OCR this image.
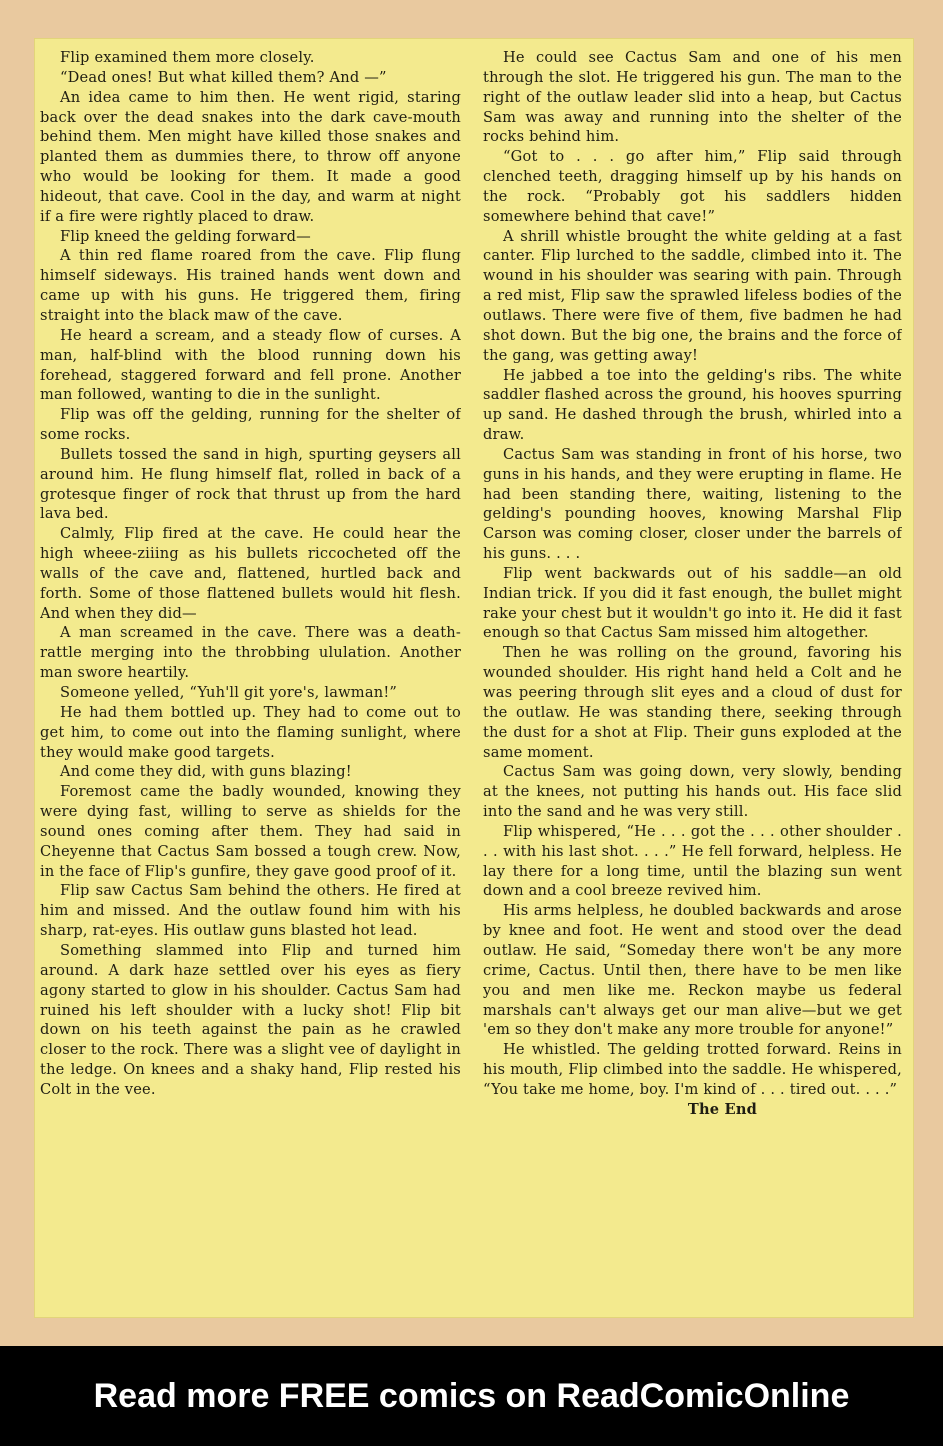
Flip examined them more closely.

“Dead ones! But what killed them? And —”

An idea came to him then. He went rigid, staring back over the dead snakes into the dark cave-mouth behind them. Men might have killed those snakes and planted them as dummies there, to throw off anyone who would be looking for them. It made a good hideout, that cave. Cool in the day, and warm at night if a fire were rightly placed to draw.

Flip kneed the gelding forward—

A thin red flame roared from the cave. Flip flung himself sideways. His trained hands went down and came up with his guns. He triggered them, firing straight into the black maw of the cave.

He heard a scream, and a steady flow of curses. A man, half-blind with the blood running down his forehead, staggered forward and fell prone. Another man followed, wanting to die in the sunlight.

Flip was off the gelding, running for the shelter of some rocks.

Bullets tossed the sand in high, spurting geysers all around him. He flung himself flat, rolled in back of a grotesque finger of rock that thrust up from the hard lava bed.

Calmly, Flip fired at the cave. He could hear the high wheee-ziiing as his bullets riccocheted off the walls of the cave and, flattened, hurtled back and forth. Some of those flattened bullets would hit flesh. And when they did—

A man screamed in the cave. There was a death-rattle merging into the throbbing ululation. Another man swore heartily.

Someone yelled, “Yuh'll git yore's, lawman!”

He had them bottled up. They had to come out to get him, to come out into the flaming sunlight, where they would make good targets.

And come they did, with guns blazing!

Foremost came the badly wounded, knowing they were dying fast, willing to serve as shields for the sound ones coming after them. They had said in Cheyenne that Cactus Sam bossed a tough crew. Now, in the face of Flip's gunfire, they gave good proof of it.

Flip saw Cactus Sam behind the others. He fired at him and missed. And the outlaw found him with his sharp, rat-eyes. His outlaw guns blasted hot lead.

Something slammed into Flip and turned him around. A dark haze settled over his eyes as fiery agony started to glow in his shoulder. Cactus Sam had ruined his left shoulder with a lucky shot! Flip bit down on his teeth against the pain as he crawled closer to the rock. There was a slight vee of daylight in the ledge. On knees and a shaky hand, Flip rested his Colt in the vee.

He could see Cactus Sam and one of his men through the slot. He triggered his gun. The man to the right of the outlaw leader slid into a heap, but Cactus Sam was away and running into the shelter of the rocks behind him.

“Got to . . . go after him,” Flip said through clenched teeth, dragging himself up by his hands on the rock. “Probably got his saddlers hidden somewhere behind that cave!”

A shrill whistle brought the white gelding at a fast canter. Flip lurched to the saddle, climbed into it. The wound in his shoulder was searing with pain. Through a red mist, Flip saw the sprawled lifeless bodies of the outlaws. There were five of them, five badmen he had shot down. But the big one, the brains and the force of the gang, was getting away!

He jabbed a toe into the gelding's ribs. The white saddler flashed across the ground, his hooves spurring up sand. He dashed through the brush, whirled into a draw.

Cactus Sam was standing in front of his horse, two guns in his hands, and they were erupting in flame. He had been standing there, waiting, listening to the gelding's pounding hooves, knowing Marshal Flip Carson was coming closer, closer under the barrels of his guns. . . .

Flip went backwards out of his saddle—an old Indian trick. If you did it fast enough, the bullet might rake your chest but it wouldn't go into it. He did it fast enough so that Cactus Sam missed him altogether.

Then he was rolling on the ground, favoring his wounded shoulder. His right hand held a Colt and he was peering through slit eyes and a cloud of dust for the outlaw. He was standing there, seeking through the dust for a shot at Flip. Their guns exploded at the same moment.

Cactus Sam was going down, very slowly, bending at the knees, not putting his hands out. His face slid into the sand and he was very still.

Flip whispered, “He . . . got the . . . other shoulder . . . with his last shot. . . .” He fell forward, helpless. He lay there for a long time, until the blazing sun went down and a cool breeze revived him.

His arms helpless, he doubled backwards and arose by knee and foot. He went and stood over the dead outlaw. He said, “Someday there won't be any more crime, Cactus. Until then, there have to be men like you and men like me. Reckon maybe us federal marshals can't always get our man alive—but we get 'em so they don't make any more trouble for anyone!”

He whistled. The gelding trotted forward. Reins in his mouth, Flip climbed into the saddle. He whispered, “You take me home, boy. I'm kind of . . . tired out. . . .”

The End

Read more FREE comics on ReadComicOnline
